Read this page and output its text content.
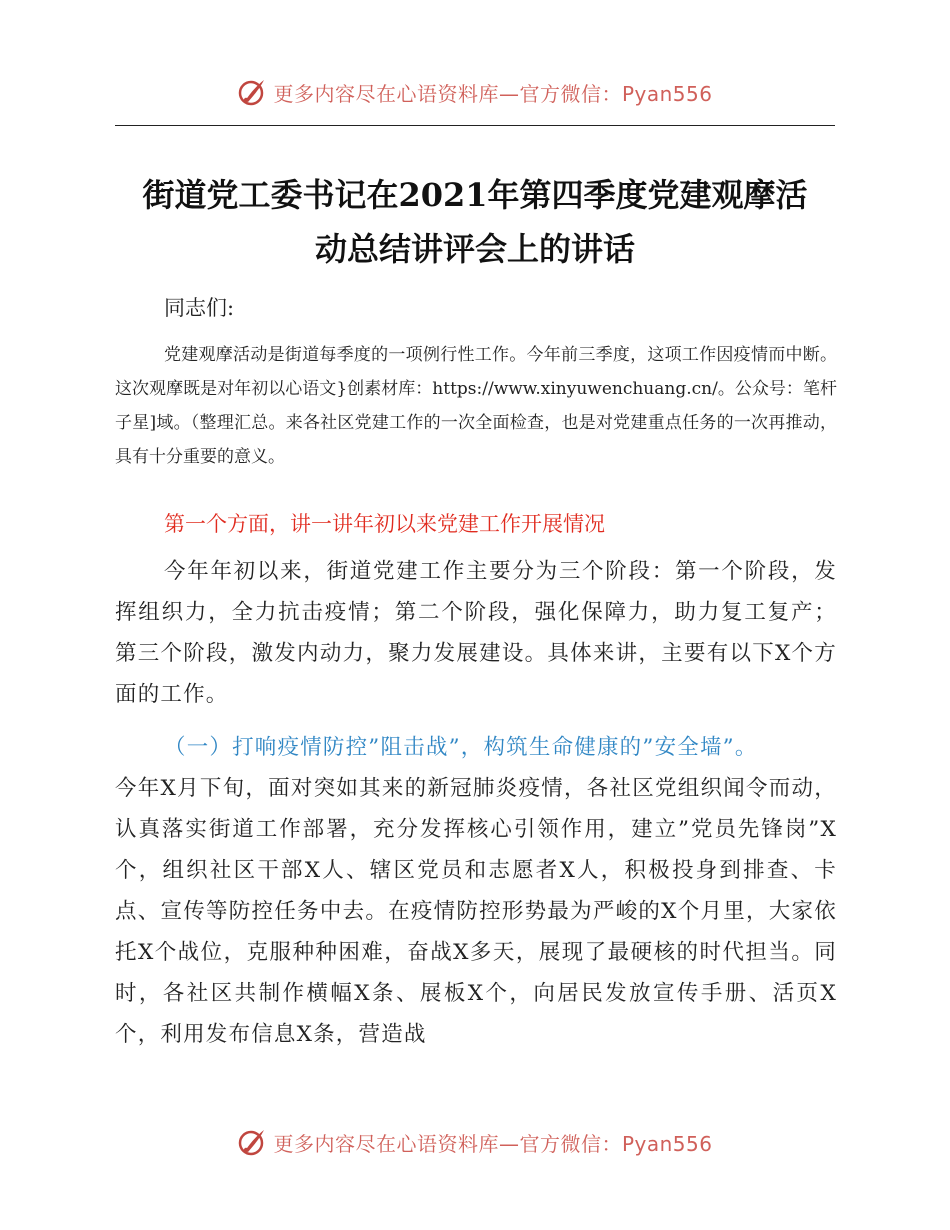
更多内容尽在心语资料库—官方微信：Pyan556
街道党工委书记在2021年第四季度党建观摩活
动总结讲评会上的讲话
同志们:
党建观摩活动是街道每季度的一项例行性工作。今年前三季度，这项工作因疫情而中断。这次观摩既是对年初以心语文}创素材库：https://www.xinyuwenchuang.cn/。公众号：笔杆子星]域。（整理汇总。来各社区党建工作的一次全面检查，也是对党建重点任务的一次再推动，具有十分重要的意义。
第一个方面，讲一讲年初以来党建工作开展情况
今年年初以来，街道党建工作主要分为三个阶段：第一个阶段，发挥组织力，全力抗击疫情；第二个阶段，强化保障力，助力复工复产；第三个阶段，激发内动力，聚力发展建设。具体来讲，主要有以下X个方面的工作。
（一）打响疫情防控”阻击战”，构筑生命健康的”安全墙”。
今年X月下旬，面对突如其来的新冠肺炎疫情，各社区党组织闻令而动，认真落实街道工作部署，充分发挥核心引领作用，建立”党员先锋岗”X个，组织社区干部X人、辖区党员和志愿者X人，积极投身到排查、卡点、宣传等防控任务中去。在疫情防控形势最为严峻的X个月里，大家依托X个战位，克服种种困难，奋战X多天，展现了最硬核的时代担当。同时，各社区共制作横幅X条、展板X个，向居民发放宣传手册、活页X个，利用发布信息X条，营造战
更多内容尽在心语资料库—官方微信：Pyan556
